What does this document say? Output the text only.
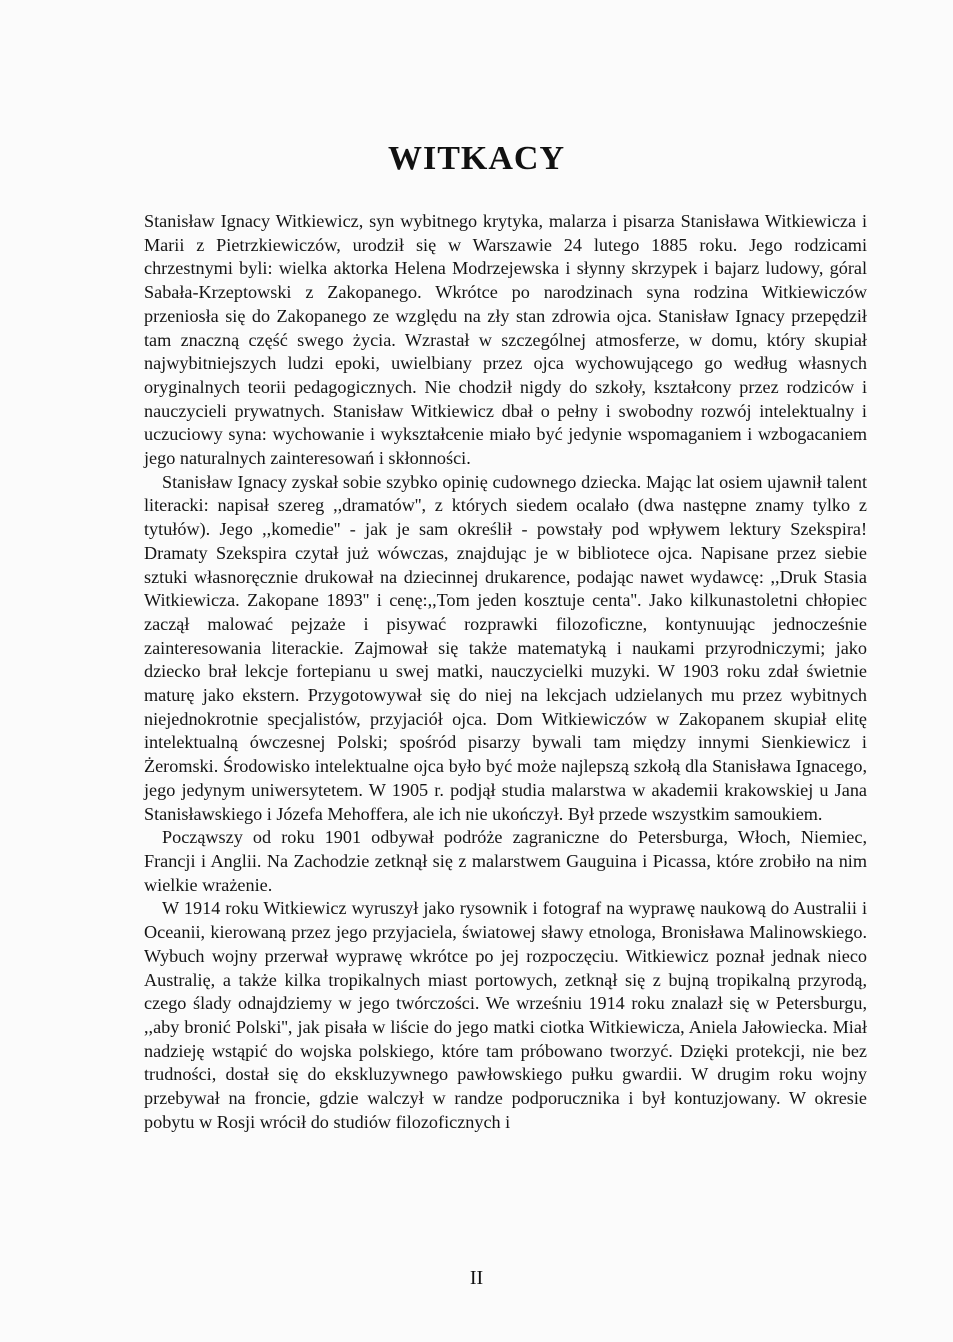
WITKACY

Stanisław Ignacy Witkiewicz, syn wybitnego krytyka, malarza i pisarza Stanisława Witkiewicza i Marii z Pietrzkiewiczów, urodził się w Warszawie 24 lutego 1885 roku. Jego rodzicami chrzestnymi byli: wielka aktorka Helena Modrzejewska i słynny skrzypek i bajarz ludowy, góral Sabała-Krzeptowski z Zakopanego. Wkrótce po narodzinach syna rodzina Witkiewiczów przeniosła się do Zakopanego ze względu na zły stan zdrowia ojca. Stanisław Ignacy przepędził tam znaczną część swego życia. Wzrastał w szczególnej atmosferze, w domu, który skupiał najwybitniejszych ludzi epoki, uwielbiany przez ojca wychowującego go według własnych oryginalnych teorii pedagogicznych. Nie chodził nigdy do szkoły, kształcony przez rodziców i nauczycieli prywatnych. Stanisław Witkiewicz dbał o pełny i swobodny rozwój intelektualny i uczuciowy syna: wychowanie i wykształcenie miało być jedynie wspomaganiem i wzbogacaniem jego naturalnych zainteresowań i skłonności.

Stanisław Ignacy zyskał sobie szybko opinię cudownego dziecka. Mając lat osiem ujawnił talent literacki: napisał szereg ,,dramatów'', z których siedem ocalało (dwa następne znamy tylko z tytułów). Jego ,,komedie'' - jak je sam określił - powstały pod wpływem lektury Szekspira! Dramaty Szekspira czytał już wówczas, znajdując je w bibliotece ojca. Napisane przez siebie sztuki własnoręcznie drukował na dziecinnej drukarence, podając nawet wydawcę: ,,Druk Stasia Witkiewicza. Zakopane 1893'' i cenę:,,Tom jeden kosztuje centa''. Jako kilkunastoletni chłopiec zaczął malować pejzaże i pisywać rozprawki filozoficzne, kontynuując jednocześnie zainteresowania literackie. Zajmował się także matematyką i naukami przyrodniczymi; jako dziecko brał lekcje fortepianu u swej matki, nauczycielki muzyki. W 1903 roku zdał świetnie maturę jako ekstern. Przygotowywał się do niej na lekcjach udzielanych mu przez wybitnych niejednokrotnie specjalistów, przyjaciół ojca. Dom Witkiewiczów w Zakopanem skupiał elitę intelektualną ówczesnej Polski; spośród pisarzy bywali tam między innymi Sienkiewicz i Żeromski. Środowisko intelektualne ojca było być może najlepszą szkołą dla Stanisława Ignacego, jego jedynym uniwersytetem. W 1905 r. podjął studia malarstwa w akademii krakowskiej u Jana Stanisławskiego i Józefa Mehoffera, ale ich nie ukończył. Był przede wszystkim samoukiem.

Począwszy od roku 1901 odbywał podróże zagraniczne do Petersburga, Włoch, Niemiec, Francji i Anglii. Na Zachodzie zetknął się z malarstwem Gauguina i Picassa, które zrobiło na nim wielkie wrażenie.

W 1914 roku Witkiewicz wyruszył jako rysownik i fotograf na wyprawę naukową do Australii i Oceanii, kierowaną przez jego przyjaciela, światowej sławy etnologa, Bronisława Malinowskiego. Wybuch wojny przerwał wyprawę wkrótce po jej rozpoczęciu. Witkiewicz poznał jednak nieco Australię, a także kilka tropikalnych miast portowych, zetknął się z bujną tropikalną przyrodą, czego ślady odnajdziemy w jego twórczości. We wrześniu 1914 roku znalazł się w Petersburgu, ,,aby bronić Polski'', jak pisała w liście do jego matki ciotka Witkiewicza, Aniela Jałowiecka. Miał nadzieję wstąpić do wojska polskiego, które tam próbowano tworzyć. Dzięki protekcji, nie bez trudności, dostał się do ekskluzywnego pawłowskiego pułku gwardii. W drugim roku wojny przebywał na froncie, gdzie walczył w randze podporucznika i był kontuzjowany. W okresie pobytu w Rosji wrócił do studiów filozoficznych i

II
